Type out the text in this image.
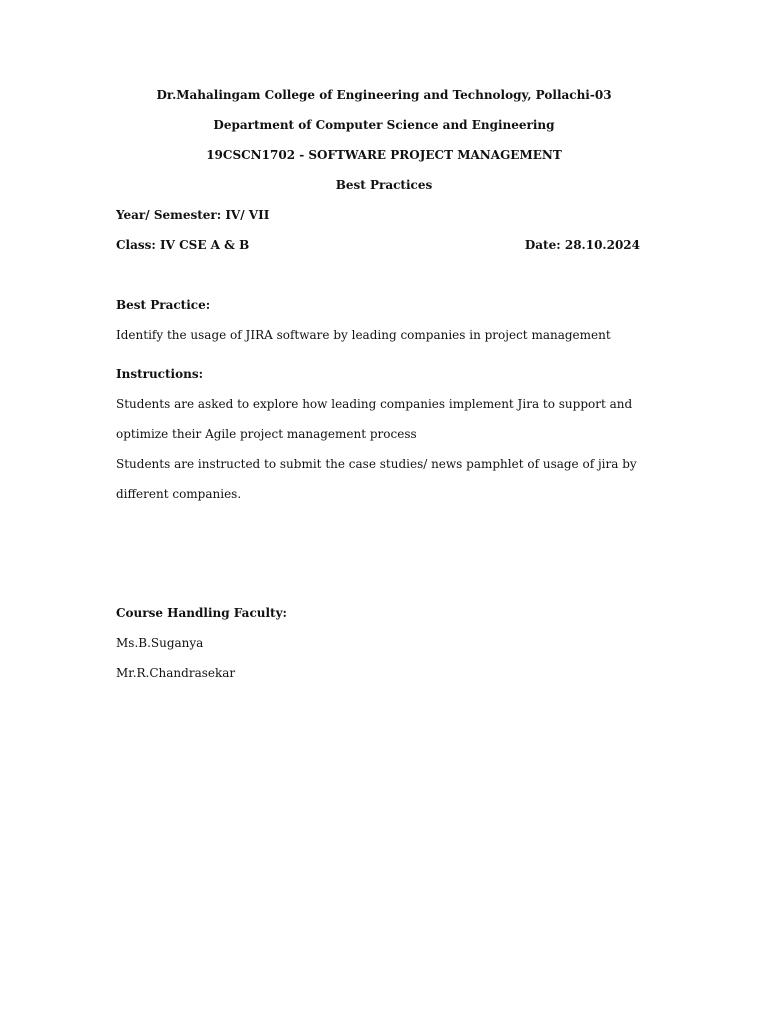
Dr.Mahalingam College of Engineering and Technology, Pollachi-03
Department of Computer Science and Engineering
19CSCN1702 - SOFTWARE PROJECT MANAGEMENT
Best Practices
Year/ Semester: IV/ VII
Class: IV CSE A & B	Date: 28.10.2024
Best Practice:
Identify the usage of JIRA software by leading companies in project management
Instructions:
Students are asked to explore how leading companies implement Jira to support and
optimize their Agile project management process
Students are instructed to submit the case studies/ news pamphlet of usage of jira by
different companies.
Course Handling Faculty:
Ms.B.Suganya
Mr.R.Chandrasekar
